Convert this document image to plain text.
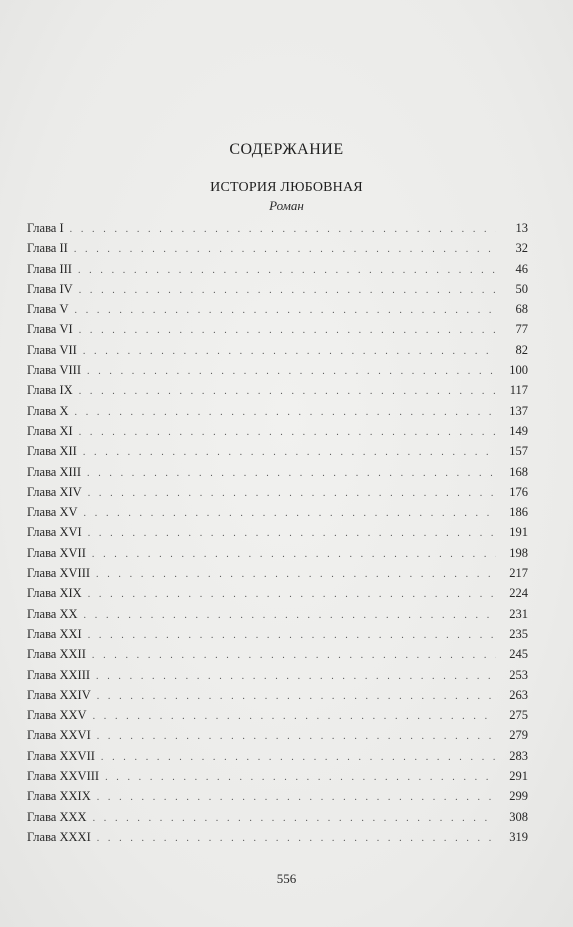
СОДЕРЖАНИЕ
ИСТОРИЯ ЛЮБОВНАЯ
Роман
Глава I . . .	13
Глава II . . .	32
Глава III . . .	46
Глава IV . . .	50
Глава V . . .	68
Глава VI . . .	77
Глава VII . . .	82
Глава VIII . . .	100
Глава IX . . .	117
Глава X . . .	137
Глава XI . . .	149
Глава XII . . .	157
Глава XIII . . .	168
Глава XIV . . .	176
Глава XV . . .	186
Глава XVI . . .	191
Глава XVII . . .	198
Глава XVIII . . .	217
Глава XIX . . .	224
Глава XX . . .	231
Глава XXI . . .	235
Глава XXII . . .	245
Глава XXIII . . .	253
Глава XXIV . . .	263
Глава XXV . . .	275
Глава XXVI . . .	279
Глава XXVII . . .	283
Глава XXVIII . . .	291
Глава XXIX . . .	299
Глава XXX . . .	308
Глава XXXI . . .	319
556
